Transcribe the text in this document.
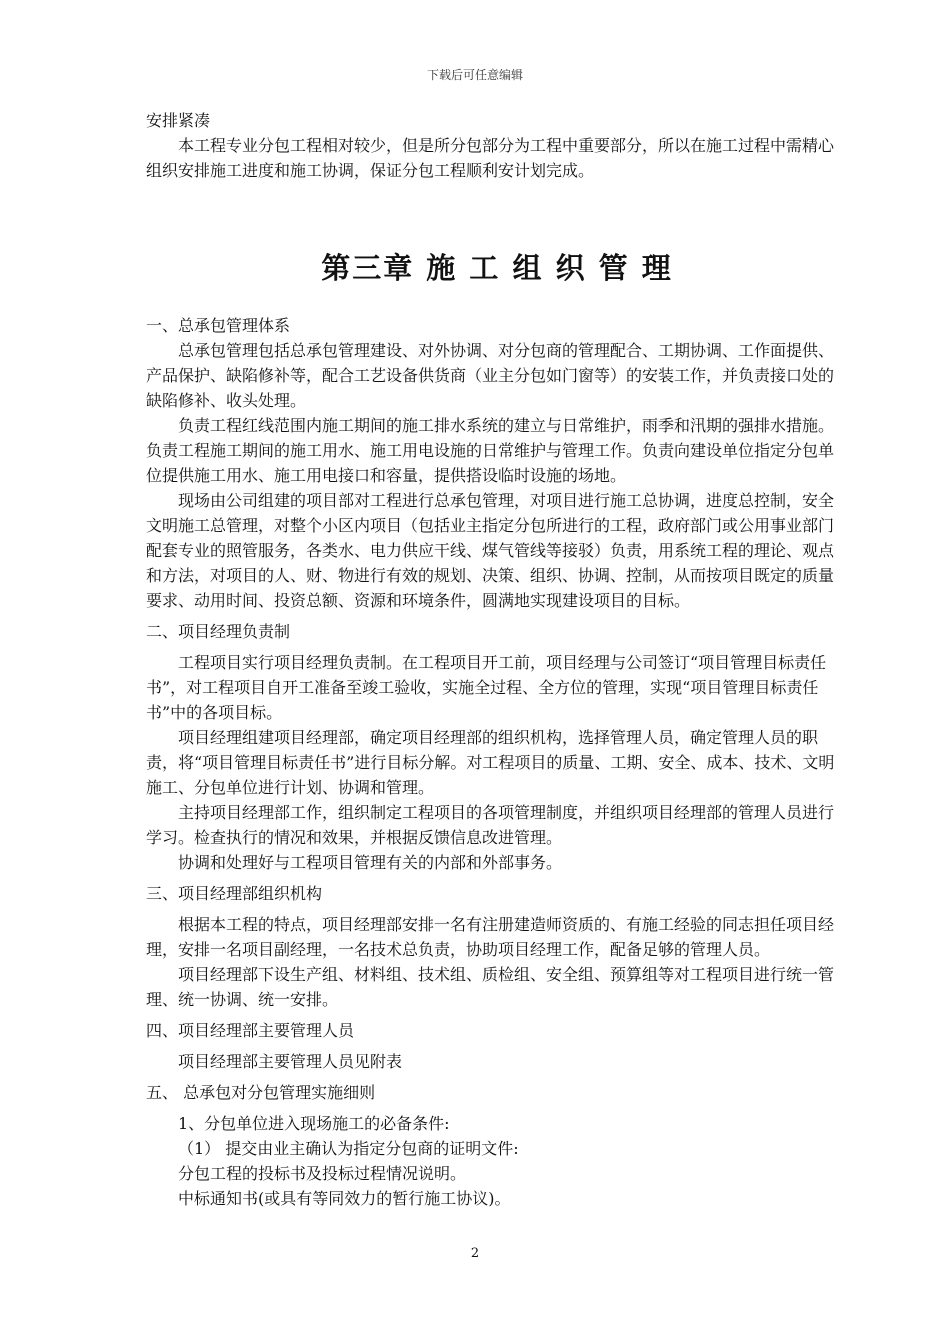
下载后可任意编辑

安排紧凑

本工程专业分包工程相对较少，但是所分包部分为工程中重要部分，所以在施工过程中需精心组织安排施工进度和施工协调，保证分包工程顺利安计划完成。

第三章 施 工 组 织 管 理

一、总承包管理体系

总承包管理包括总承包管理建设、对外协调、对分包商的管理配合、工期协调、工作面提供、产品保护、缺陷修补等，配合工艺设备供货商（业主分包如门窗等）的安装工作，并负责接口处的缺陷修补、收头处理。

负责工程红线范围内施工期间的施工排水系统的建立与日常维护，雨季和汛期的强排水措施。负责工程施工期间的施工用水、施工用电设施的日常维护与管理工作。负责向建设单位指定分包单位提供施工用水、施工用电接口和容量，提供搭设临时设施的场地。

现场由公司组建的项目部对工程进行总承包管理，对项目进行施工总协调，进度总控制，安全文明施工总管理，对整个小区内项目（包括业主指定分包所进行的工程，政府部门或公用事业部门配套专业的照管服务，各类水、电力供应干线、煤气管线等接驳）负责，用系统工程的理论、观点和方法，对项目的人、财、物进行有效的规划、决策、组织、协调、控制，从而按项目既定的质量要求、动用时间、投资总额、资源和环境条件，圆满地实现建设项目的目标。

二、项目经理负责制

工程项目实行项目经理负责制。在工程项目开工前，项目经理与公司签订“项目管理目标责任书”，对工程项目自开工准备至竣工验收，实施全过程、全方位的管理，实现“项目管理目标责任书”中的各项目标。

项目经理组建项目经理部，确定项目经理部的组织机构，选择管理人员，确定管理人员的职责，将“项目管理目标责任书”进行目标分解。对工程项目的质量、工期、安全、成本、技术、文明施工、分包单位进行计划、协调和管理。

主持项目经理部工作，组织制定工程项目的各项管理制度，并组织项目经理部的管理人员进行学习。检查执行的情况和效果，并根据反馈信息改进管理。

协调和处理好与工程项目管理有关的内部和外部事务。

三、项目经理部组织机构

根据本工程的特点，项目经理部安排一名有注册建造师资质的、有施工经验的同志担任项目经理，安排一名项目副经理，一名技术总负责，协助项目经理工作，配备足够的管理人员。

项目经理部下设生产组、材料组、技术组、质检组、安全组、预算组等对工程项目进行统一管理、统一协调、统一安排。

四、项目经理部主要管理人员

项目经理部主要管理人员见附表

五、 总承包对分包管理实施细则

1、分包单位进入现场施工的必备条件:

（1） 提交由业主确认为指定分包商的证明文件:

分包工程的投标书及投标过程情况说明。

中标通知书(或具有等同效力的暂行施工协议)。

2
